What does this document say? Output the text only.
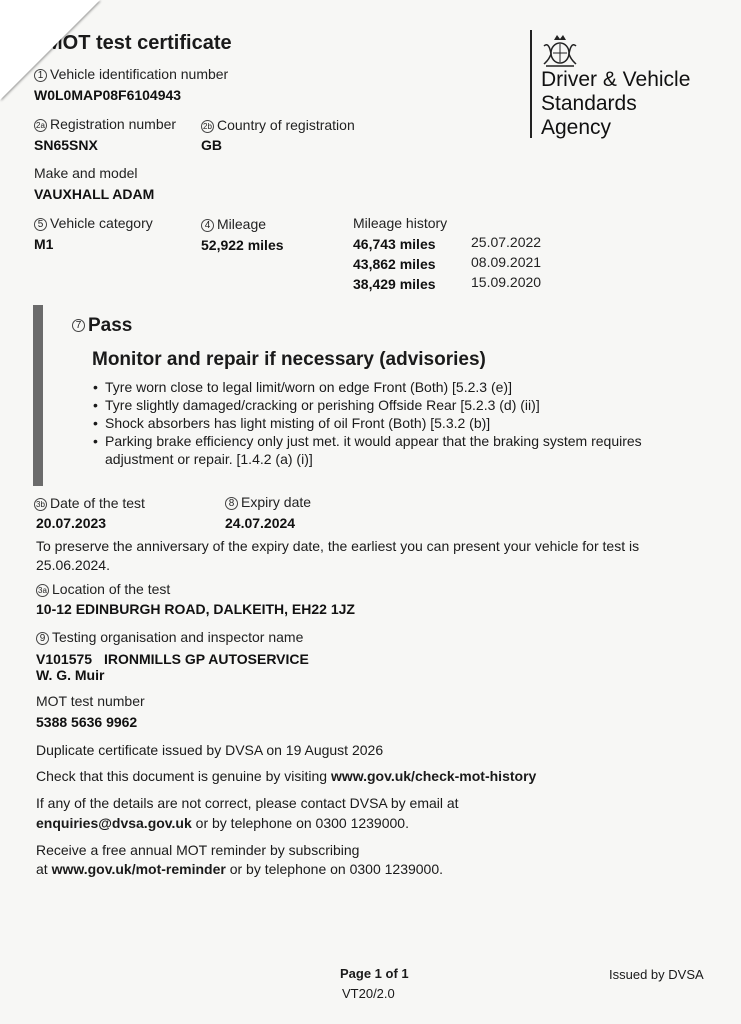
MOT test certificate
Driver & Vehicle
Standards
Agency
1 Vehicle identification number
W0L0MAP08F6104943
2a Registration number
SN65SNX
2b Country of registration
GB
Make and model
VAUXHALL ADAM
5 Vehicle category
M1
4 Mileage
52,922 miles
Mileage history
46,743 miles	25.07.2022
43,862 miles	08.09.2021
38,429 miles	15.09.2020
7 Pass
Monitor and repair if necessary (advisories)
• Tyre worn close to legal limit/worn on edge Front (Both) [5.2.3 (e)]
• Tyre slightly damaged/cracking or perishing Offside Rear [5.2.3 (d) (ii)]
• Shock absorbers has light misting of oil Front (Both) [5.3.2 (b)]
• Parking brake efficiency only just met. it would appear that the braking system requires adjustment or repair. [1.4.2 (a) (i)]
3b Date of the test
20.07.2023
8 Expiry date
24.07.2024
To preserve the anniversary of the expiry date, the earliest you can present your vehicle for test is 25.06.2024.
3a Location of the test
10-12 EDINBURGH ROAD, DALKEITH, EH22 1JZ
9 Testing organisation and inspector name
V101575 IRONMILLS GP AUTOSERVICE
W. G. Muir
MOT test number
5388 5636 9962
Duplicate certificate issued by DVSA on 19 August 2026
Check that this document is genuine by visiting www.gov.uk/check-mot-history
If any of the details are not correct, please contact DVSA by email at
enquiries@dvsa.gov.uk or by telephone on 0300 1239000.
Receive a free annual MOT reminder by subscribing
at www.gov.uk/mot-reminder or by telephone on 0300 1239000.
Page 1 of 1
VT20/2.0
Issued by DVSA
